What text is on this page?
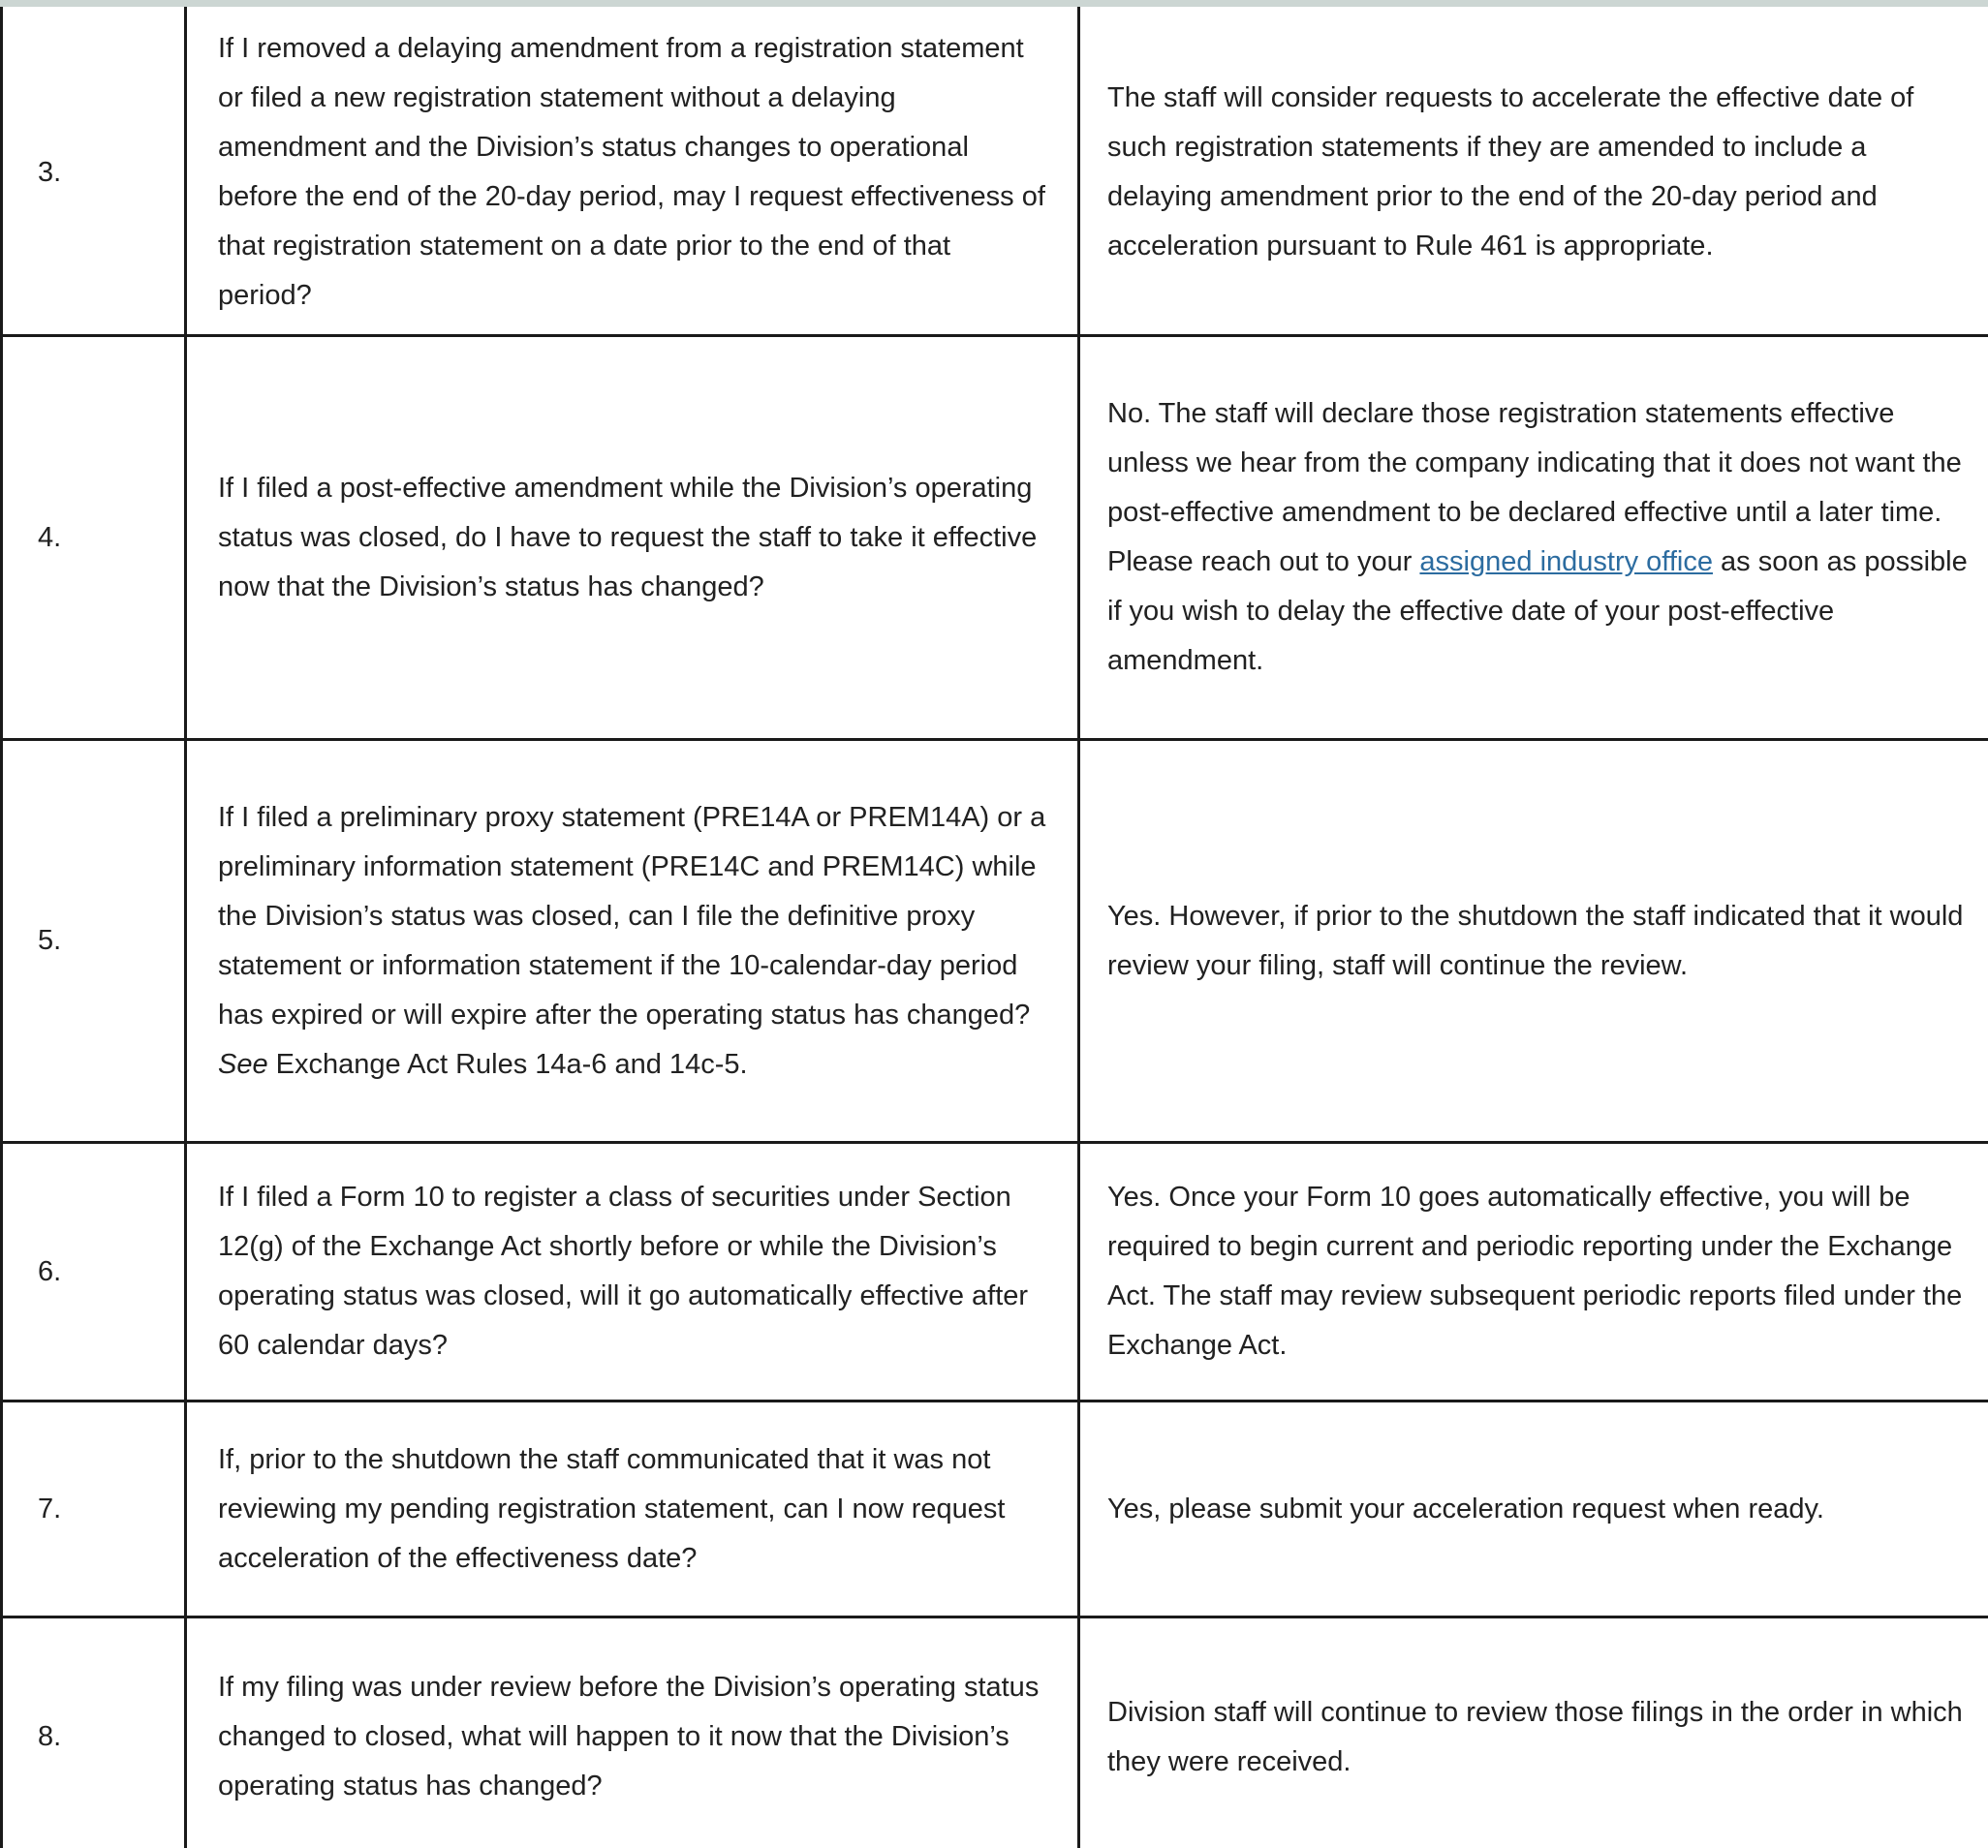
3.

If I removed a delaying amendment from a registration statement or filed a new registration statement without a delaying amendment and the Division’s status changes to operational before the end of the 20-day period, may I request effectiveness of that registration statement on a date prior to the end of that period?

The staff will consider requests to accelerate the effective date of such registration statements if they are amended to include a delaying amendment prior to the end of the 20-day period and acceleration pursuant to Rule 461 is appropriate.

4.

If I filed a post-effective amendment while the Division’s operating status was closed, do I have to request the staff to take it effective now that the Division’s status has changed?

No. The staff will declare those registration statements effective unless we hear from the company indicating that it does not want the post-effective amendment to be declared effective until a later time. Please reach out to your assigned industry office as soon as possible if you wish to delay the effective date of your post-effective amendment.

5.

If I filed a preliminary proxy statement (PRE14A or PREM14A) or a preliminary information statement (PRE14C and PREM14C) while the Division’s status was closed, can I file the definitive proxy statement or information statement if the 10-calendar-day period has expired or will expire after the operating status has changed? See Exchange Act Rules 14a-6 and 14c-5.

Yes. However, if prior to the shutdown the staff indicated that it would review your filing, staff will continue the review.

6.

If I filed a Form 10 to register a class of securities under Section 12(g) of the Exchange Act shortly before or while the Division’s operating status was closed, will it go automatically effective after 60 calendar days?

Yes. Once your Form 10 goes automatically effective, you will be required to begin current and periodic reporting under the Exchange Act. The staff may review subsequent periodic reports filed under the Exchange Act.

7.

If, prior to the shutdown the staff communicated that it was not reviewing my pending registration statement, can I now request acceleration of the effectiveness date?

Yes, please submit your acceleration request when ready.

8.

If my filing was under review before the Division’s operating status changed to closed, what will happen to it now that the Division’s operating status has changed?

Division staff will continue to review those filings in the order in which they were received.
